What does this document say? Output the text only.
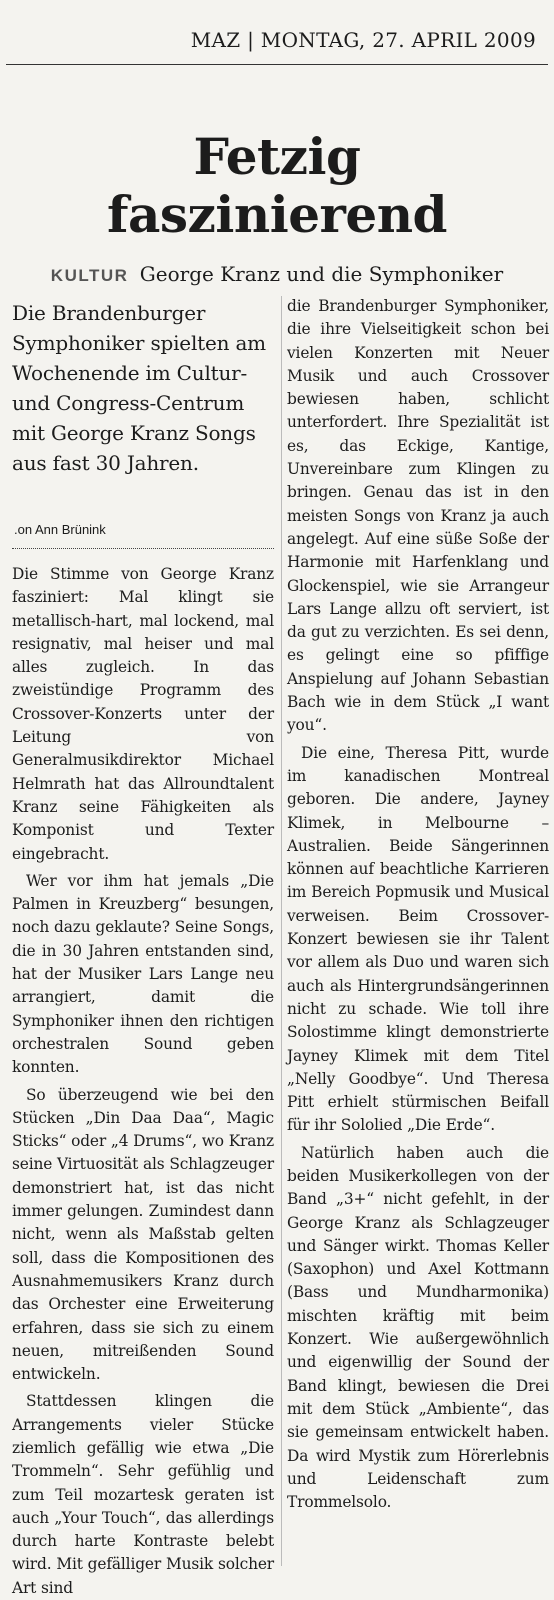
MAZ | MONTAG, 27. APRIL 2009
Fetzig
faszinierend
KULTUR George Kranz und die Symphoniker
Die Brandenburger Symphoniker spielten am Wochenende im Cultur- und Congress-Centrum mit George Kranz Songs aus fast 30 Jahren.
.on Ann Brünink

Die Stimme von George Kranz fasziniert: Mal klingt sie metallisch-hart, mal lockend, mal resignativ, mal heiser und mal alles zugleich. In das zweistündige Programm des Crossover-Konzerts unter der Leitung von Generalmusikdirektor Michael Helmrath hat das Allroundtalent Kranz seine Fähigkeiten als Komponist und Texter eingebracht.

Wer vor ihm hat jemals „Die Palmen in Kreuzberg“ besungen, noch dazu geklaute? Seine Songs, die in 30 Jahren entstanden sind, hat der Musiker Lars Lange neu arrangiert, damit die Symphoniker ihnen den richtigen orchestralen Sound geben konnten.

So überzeugend wie bei den Stücken „Din Daa Daa“, Magic Sticks“ oder „4 Drums“, wo Kranz seine Virtuosität als Schlagzeuger demonstriert hat, ist das nicht immer gelungen. Zumindest dann nicht, wenn als Maßstab gelten soll, dass die Kompositionen des Ausnahmemusikers Kranz durch das Orchester eine Erweiterung erfahren, dass sie sich zu einem neuen, mitreißenden Sound entwickeln.

Stattdessen klingen die Arrangements vieler Stücke ziemlich gefällig wie etwa „Die Trommeln“. Sehr gefühlig und zum Teil mozartesk geraten ist auch „Your Touch“, das allerdings durch harte Kontraste belebt wird. Mit gefälliger Musik solcher Art sind

die Brandenburger Symphoniker, die ihre Vielseitigkeit schon bei vielen Konzerten mit Neuer Musik und auch Crossover bewiesen haben, schlicht unterfordert. Ihre Spezialität ist es, das Eckige, Kantige, Unvereinbare zum Klingen zu bringen. Genau das ist in den meisten Songs von Kranz ja auch angelegt. Auf eine süße Soße der Harmonie mit Harfenklang und Glockenspiel, wie sie Arrangeur Lars Lange allzu oft serviert, ist da gut zu verzichten. Es sei denn, es gelingt eine so pfiffige Anspielung auf Johann Sebastian Bach wie in dem Stück „I want you“.

Die eine, Theresa Pitt, wurde im kanadischen Montreal geboren. Die andere, Jayney Klimek, in Melbourne – Australien. Beide Sängerinnen können auf beachtliche Karrieren im Bereich Popmusik und Musical verweisen. Beim Crossover-Konzert bewiesen sie ihr Talent vor allem als Duo und waren sich auch als Hintergrundsängerinnen nicht zu schade. Wie toll ihre Solostimme klingt demonstrierte Jayney Klimek mit dem Titel „Nelly Goodbye“. Und Theresa Pitt erhielt stürmischen Beifall für ihr Sololied „Die Erde“.

Natürlich haben auch die beiden Musikerkollegen von der Band „3+“ nicht gefehlt, in der George Kranz als Schlagzeuger und Sänger wirkt. Thomas Keller (Saxophon) und Axel Kottmann (Bass und Mundharmonika) mischten kräftig mit beim Konzert. Wie außergewöhnlich und eigenwillig der Sound der Band klingt, bewiesen die Drei mit dem Stück „Ambiente“, das sie gemeinsam entwickelt haben. Da wird Mystik zum Hörerlebnis und Leidenschaft zum Trommelsolo.
